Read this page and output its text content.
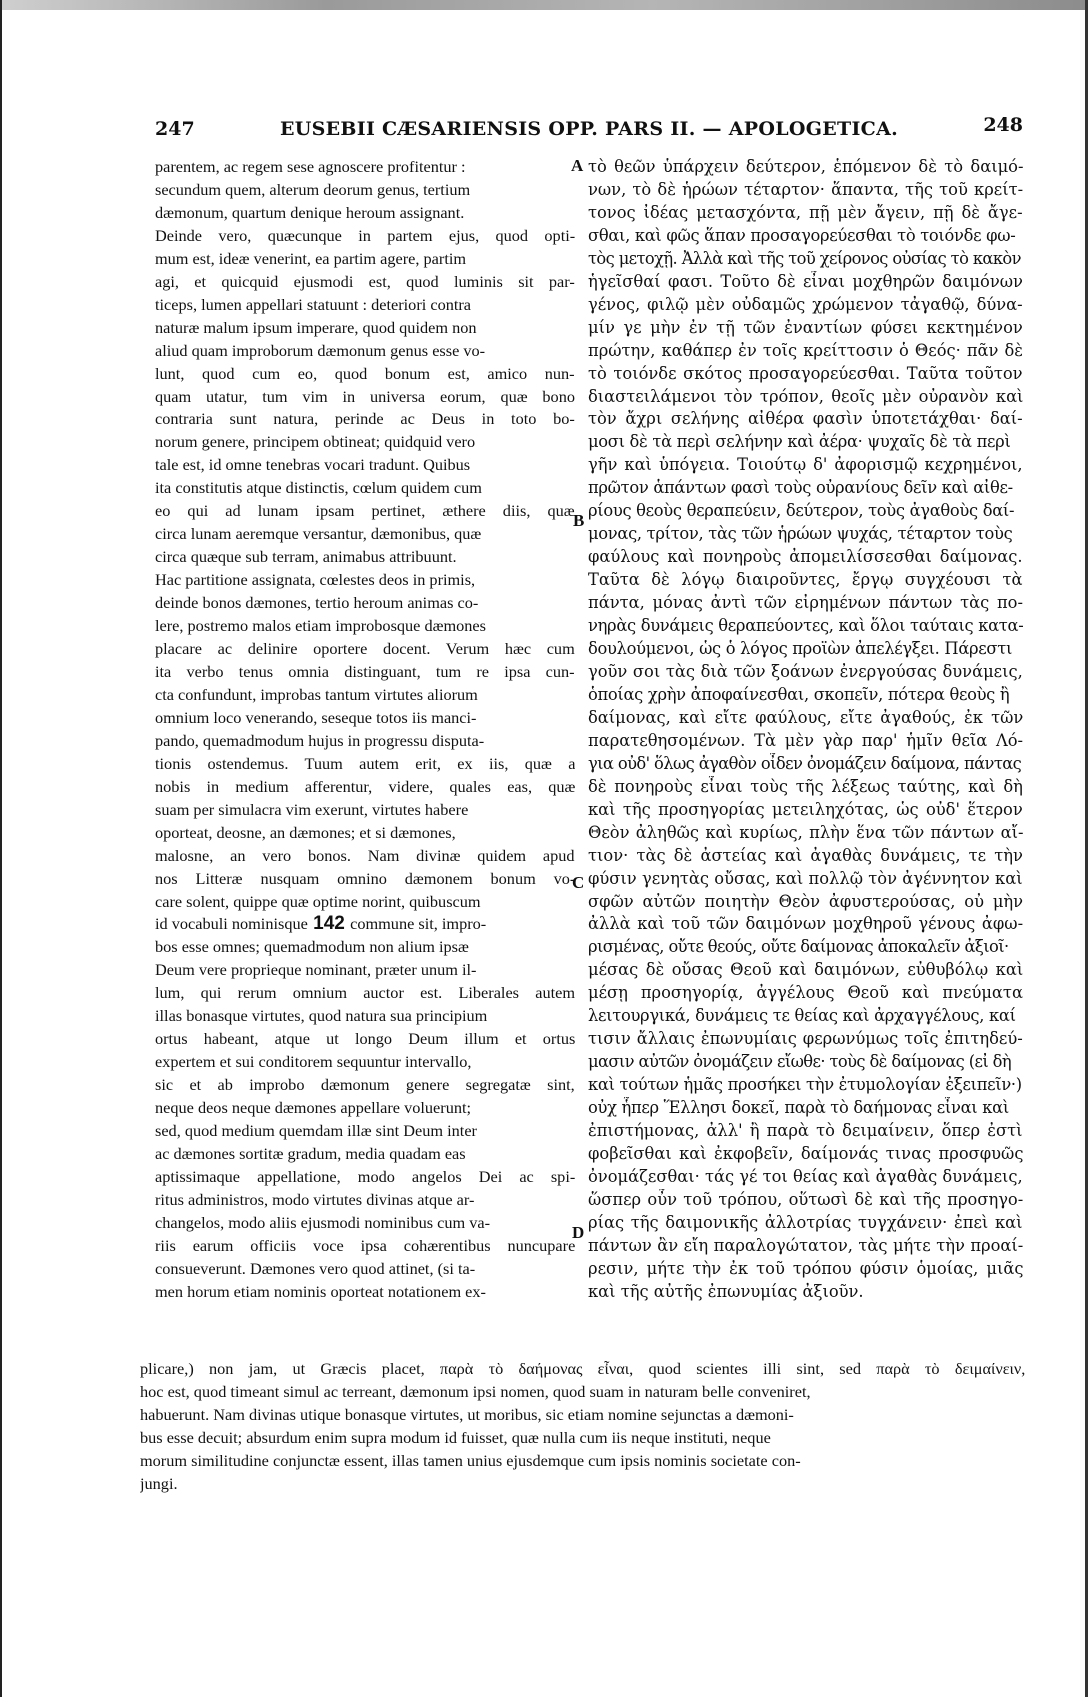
247	EUSEBII CÆSARIENSIS OPP. PARS II. — APOLOGETICA.	248
parentem, ac regem sese agnoscere profitentur :
secundum quem, alterum deorum genus, tertium
dæmonum, quartum denique heroum assignant.
Deinde vero, quæcunque in partem ejus, quod opti-
mum est, ideæ venerint, ea partim agere, partim
agi, et quicquid ejusmodi est, quod luminis sit par-
ticeps, lumen appellari statuunt : deteriori contra
naturæ malum ipsum imperare, quod quidem non
aliud quam improborum dæmonum genus esse vo-
lunt, quod cum eo, quod bonum est, amico nun-
quam utatur, tum vim in universa eorum, quæ bono
contraria sunt natura, perinde ac Deus in toto bo-
norum genere, principem obtineat; quidquid vero
tale est, id omne tenebras vocari tradunt. Quibus
ita constitutis atque distinctis, cœlum quidem cum
eo qui ad lunam ipsam pertinet, æthere diis, quæ
circa lunam aeremque versantur, dæmonibus, quæ
circa quæque sub terram, animabus attribuunt.
Hac partitione assignata, cœlestes deos in primis,
deinde bonos dæmones, tertio heroum animas co-
lere, postremo malos etiam improbosque dæmones
placare ac delinire oportere docent. Verum hæc cum
ita verbo tenus omnia distinguant, tum re ipsa cun-
cta confundunt, improbas tantum virtutes aliorum
omnium loco venerando, seseque totos iis manci-
pando, quemadmodum hujus in progressu disputa-
tionis ostendemus. Tuum autem erit, ex iis, quæ a
nobis in medium afferentur, videre, quales eas, quæ
suam per simulacra vim exerunt, virtutes habere
oporteat, deosne, an dæmones; et si dæmones,
malosne, an vero bonos. Nam divinæ quidem apud
nos Litteræ nusquam omnino dæmonem bonum vo-
care solent, quippe quæ optime norint, quibuscum
id vocabuli nominisque 142 commune sit, impro-
bos esse omnes; quemadmodum non alium ipsæ
Deum vere proprieque nominant, præter unum il-
lum, qui rerum omnium auctor est. Liberales autem
illas bonasque virtutes, quod natura sua principium
ortus habeant, atque ut longo Deum illum et ortus
expertem et sui conditorem sequuntur intervallo,
sic et ab improbo dæmonum genere segregatæ sint,
neque deos neque dæmones appellare voluerunt;
sed, quod medium quemdam illæ sint Deum inter
ac dæmones sortitæ gradum, media quadam eas
aptissimaque appellatione, modo angelos Dei ac spi-
ritus administros, modo virtutes divinas atque ar-
changelos, modo aliis ejusmodi nominibus cum va-
riis earum officiis voce ipsa cohærentibus nuncupare
consueverunt. Dæmones vero quod attinet, (si ta-
men horum etiam nominis oporteat notationem ex-
τὸ θεῶν ὑπάρχειν δεύτερον, ἑπόμενον δὲ τὸ δαιμό-
νων, τὸ δὲ ἡρώων τέταρτον· ἅπαντα, τῆς τοῦ κρείτ-
τονος ἰδέας μετασχόντα, πῇ μὲν ἄγειν, πῇ δὲ ἄγε-
σθαι, καὶ φῶς ἅπαν προσαγορεύεσθαι τὸ τοιόνδε φω-
τὸς μετοχῇ. Ἀλλὰ καὶ τῆς τοῦ χείρονος οὐσίας τὸ κακὸν
ἡγεῖσθαί φασι. Τοῦτο δὲ εἶναι μοχθηρῶν δαιμόνων
γένος, φιλῷ μὲν οὐδαμῶς χρώμενον τἀγαθῷ, δύνα-
μίν γε μὴν ἐν τῇ τῶν ἐναντίων φύσει κεκτημένον
πρώτην, καθάπερ ἐν τοῖς κρείττοσιν ὁ Θεός· πᾶν δὲ
τὸ τοιόνδε σκότος προσαγορεύεσθαι. Ταῦτα τοῦτον
διαστειλάμενοι τὸν τρόπον, θεοῖς μὲν οὐρανὸν καὶ
τὸν ἄχρι σελήνης αἰθέρα φασὶν ὑποτετάχθαι· δαί-
μοσι δὲ τὰ περὶ σελήνην καὶ ἀέρα· ψυχαῖς δὲ τὰ περὶ
γῆν καὶ ὑπόγεια. Τοιούτῳ δ' ἀφορισμῷ κεχρημένοι,
πρῶτον ἁπάντων φασὶ τοὺς οὐρανίους δεῖν καὶ αἰθε-
ρίους θεοὺς θεραπεύειν, δεύτερον, τοὺς ἀγαθοὺς δαί-
μονας, τρίτον, τὰς τῶν ἡρώων ψυχάς, τέταρτον τοὺς
φαύλους καὶ πονηροὺς ἀπομειλίσσεσθαι δαίμονας.
Ταῦτα δὲ λόγῳ διαιροῦντες, ἔργῳ συγχέουσι τὰ
πάντα, μόνας ἀντὶ τῶν εἰρημένων πάντων τὰς πο-
νηρὰς δυνάμεις θεραπεύοντες, καὶ ὅλοι ταύταις κατα-
δουλούμενοι, ὡς ὁ λόγος προϊὼν ἀπελέγξει. Πάρεστι
γοῦν σοι τὰς διὰ τῶν ξοάνων ἐνεργούσας δυνάμεις,
ὁποίας χρὴν ἀποφαίνεσθαι, σκοπεῖν, πότερα θεοὺς ἢ
δαίμονας, καὶ εἴτε φαύλους, εἴτε ἀγαθούς, ἐκ τῶν
παρατεθησομένων. Τὰ μὲν γὰρ παρ' ἡμῖν θεῖα Λό-
για οὐδ' ὅλως ἀγαθὸν οἶδεν ὀνομάζειν δαίμονα, πάντας
δὲ πονηροὺς εἶναι τοὺς τῆς λέξεως ταύτης, καὶ δὴ
καὶ τῆς προσηγορίας μετειληχότας, ὡς οὐδ' ἕτερον
Θεὸν ἀληθῶς καὶ κυρίως, πλὴν ἕνα τῶν πάντων αἴ-
τιον· τὰς δὲ ἀστείας καὶ ἀγαθὰς δυνάμεις, τε τὴν
φύσιν γενητὰς οὔσας, καὶ πολλῷ τὸν ἀγέννητον καὶ
σφῶν αὐτῶν ποιητὴν Θεὸν ἀφυστερούσας, οὐ μὴν
ἀλλὰ καὶ τοῦ τῶν δαιμόνων μοχθηροῦ γένους ἀφω-
ρισμένας, οὔτε θεούς, οὔτε δαίμονας ἀποκαλεῖν ἀξιοῖ·
μέσας δὲ οὔσας Θεοῦ καὶ δαιμόνων, εὐθυβόλῳ καὶ
μέσῃ προσηγορίᾳ, ἀγγέλους Θεοῦ καὶ πνεύματα
λειτουργικά, δυνάμεις τε θείας καὶ ἀρχαγγέλους, καί
τισιν ἄλλαις ἐπωνυμίαις φερωνύμως τοῖς ἐπιτηδεύ-
μασιν αὐτῶν ὀνομάζειν εἴωθε· τοὺς δὲ δαίμονας (εἰ δὴ
καὶ τούτων ἡμᾶς προσήκει τὴν ἐτυμολογίαν ἐξειπεῖν·)
οὐχ ἧπερ Ἕλλησι δοκεῖ, παρὰ τὸ δαήμονας εἶναι καὶ
ἐπιστήμονας, ἀλλ' ἢ παρὰ τὸ δειμαίνειν, ὅπερ ἐστὶ
φοβεῖσθαι καὶ ἐκφοβεῖν, δαίμονάς τινας προσφυῶς
ὀνομάζεσθαι· τάς γέ τοι θείας καὶ ἀγαθὰς δυνάμεις,
ὥσπερ οὖν τοῦ τρόπου, οὕτωσὶ δὲ καὶ τῆς προσηγο-
ρίας τῆς δαιμονικῆς ἀλλοτρίας τυγχάνειν· ἐπεὶ καὶ
πάντων ἂν εἴη παραλογώτατον, τὰς μήτε τὴν προαί-
ρεσιν, μήτε τὴν ἐκ τοῦ τρόπου φύσιν ὁμοίας, μιᾶς
καὶ τῆς αὐτῆς ἐπωνυμίας ἀξιοῦν.
A
B
C
D
plicare,) non jam, ut Græcis placet, παρὰ τὸ δαήμονας εἶναι, quod scientes illi sint, sed παρὰ τὸ δειμαίνειν,
hoc est, quod timeant simul ac terreant, dæmonum ipsi nomen, quod suam in naturam belle conveniret,
habuerunt. Nam divinas utique bonasque virtutes, ut moribus, sic etiam nomine sejunctas a dæmoni-
bus esse decuit; absurdum enim supra modum id fuisset, quæ nulla cum iis neque instituti, neque
morum similitudine conjunctæ essent, illas tamen unius ejusdemque cum ipsis nominis societate con-
jungi.
